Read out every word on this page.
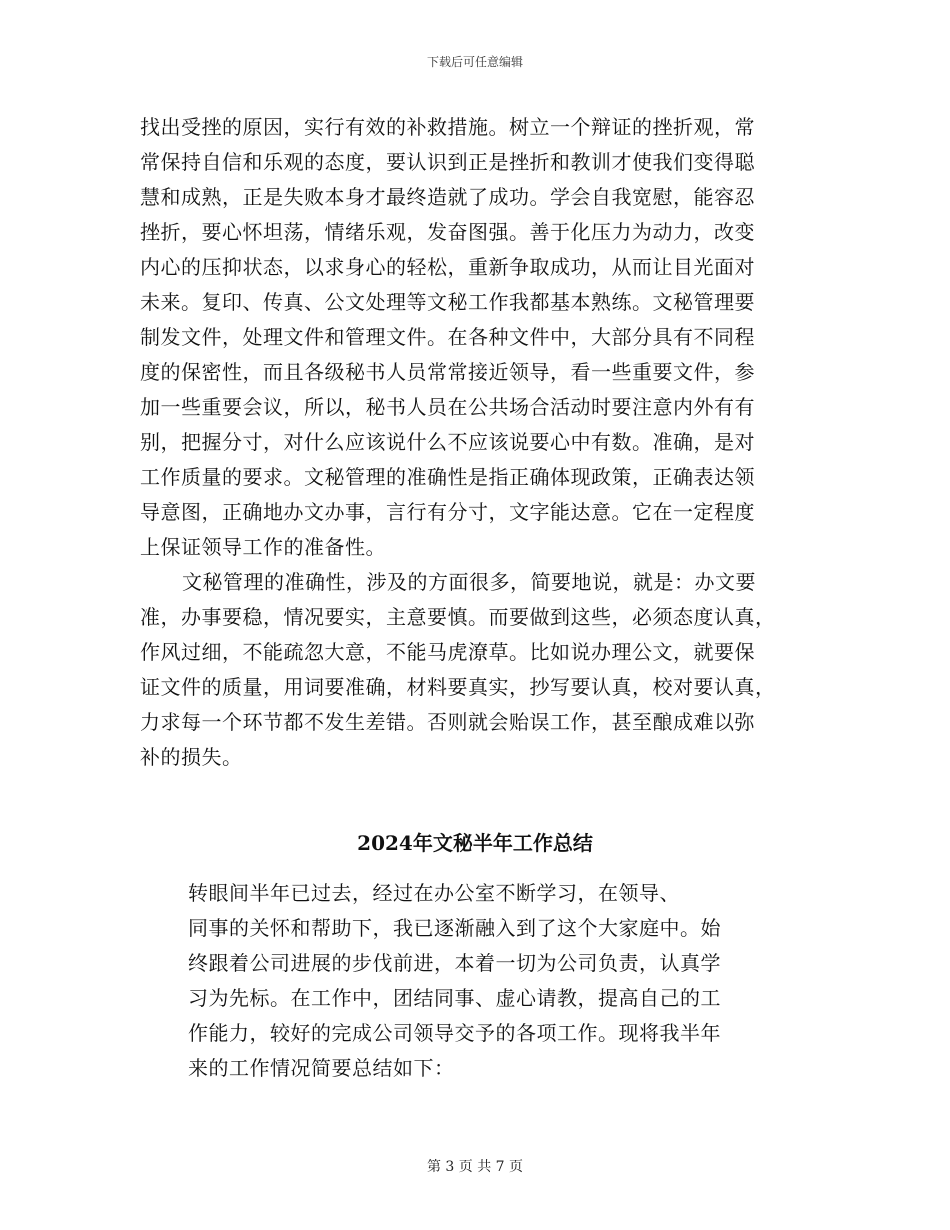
下载后可任意编辑
找出受挫的原因，实行有效的补救措施。树立一个辩证的挫折观，常
常保持自信和乐观的态度，要认识到正是挫折和教训才使我们变得聪
慧和成熟，正是失败本身才最终造就了成功。学会自我宽慰，能容忍
挫折，要心怀坦荡，情绪乐观，发奋图强。善于化压力为动力，改变
内心的压抑状态，以求身心的轻松，重新争取成功，从而让目光面对
未来。复印、传真、公文处理等文秘工作我都基本熟练。文秘管理要
制发文件，处理文件和管理文件。在各种文件中，大部分具有不同程
度的保密性，而且各级秘书人员常常接近领导，看一些重要文件，参
加一些重要会议，所以，秘书人员在公共场合活动时要注意内外有有
别，把握分寸，对什么应该说什么不应该说要心中有数。准确，是对
工作质量的要求。文秘管理的准确性是指正确体现政策，正确表达领
导意图，正确地办文办事，言行有分寸，文字能达意。它在一定程度
上保证领导工作的准备性。
文秘管理的准确性，涉及的方面很多，简要地说，就是：办文要
准，办事要稳，情况要实，主意要慎。而要做到这些，必须态度认真，
作风过细，不能疏忽大意，不能马虎潦草。比如说办理公文，就要保
证文件的质量，用词要准确，材料要真实，抄写要认真，校对要认真，
力求每一个环节都不发生差错。否则就会贻误工作，甚至酿成难以弥
补的损失。
2024年文秘半年工作总结
转眼间半年已过去，经过在办公室不断学习，在领导、
同事的关怀和帮助下，我已逐渐融入到了这个大家庭中。始
终跟着公司进展的步伐前进，本着一切为公司负责，认真学
习为先标。在工作中，团结同事、虚心请教，提高自己的工
作能力，较好的完成公司领导交予的各项工作。现将我半年
来的工作情况简要总结如下：
第 3 页 共 7 页
